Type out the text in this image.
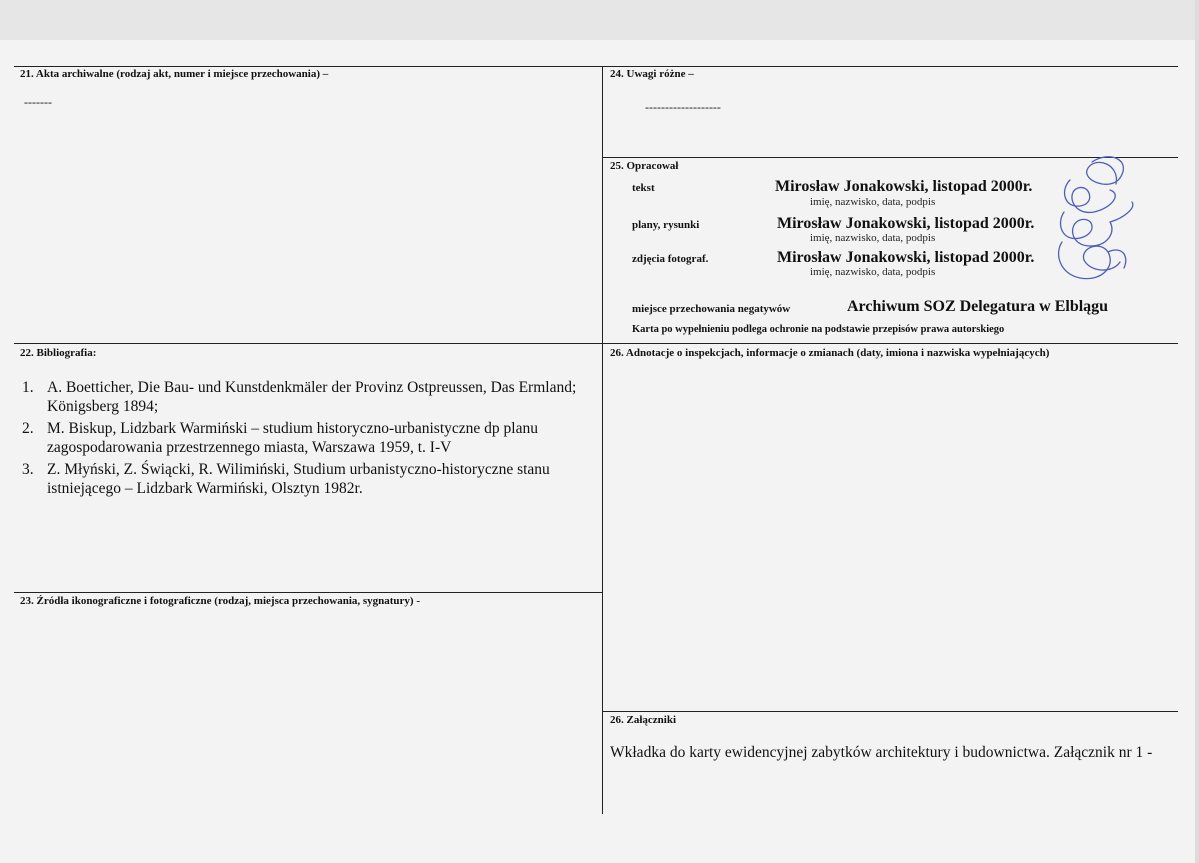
21. Akta archiwalne (rodzaj akt, numer i miejsce przechowania) –
-------
24. Uwagi różne –
-------------------
25. Opracował
tekst	Mirosław Jonakowski, listopad 2000r.
imię, nazwisko, data, podpis
plany, rysunki	Mirosław Jonakowski, listopad 2000r.
imię, nazwisko, data, podpis
zdjęcia fotograf.	Mirosław Jonakowski, listopad 2000r.
imię, nazwisko, data, podpis
miejsce przechowania negatywów	Archiwum SOZ Delegatura w Elblągu
Karta po wypełnieniu podlega ochronie na podstawie przepisów prawa autorskiego
22. Bibliografia:
1. A. Boetticher, Die Bau- und Kunstdenkmäler der Provinz Ostpreussen, Das Ermland; Königsberg 1894;
2. M. Biskup, Lidzbark Warmiński – studium historyczno-urbanistyczne dp planu zagospodarowania przestrzennego miasta, Warszawa 1959, t. I-V
3. Z. Młyński, Z. Świącki, R. Wilimiński, Studium urbanistyczno-historyczne stanu istniejącego – Lidzbark Warmiński, Olsztyn 1982r.
26. Adnotacje o inspekcjach, informacje o zmianach (daty, imiona i nazwiska wypełniających)
23. Źródła ikonograficzne i fotograficzne (rodzaj, miejsca przechowania, sygnatury) -
26. Załączniki
Wkładka do karty ewidencyjnej zabytków architektury i budownictwa. Załącznik nr 1 -
